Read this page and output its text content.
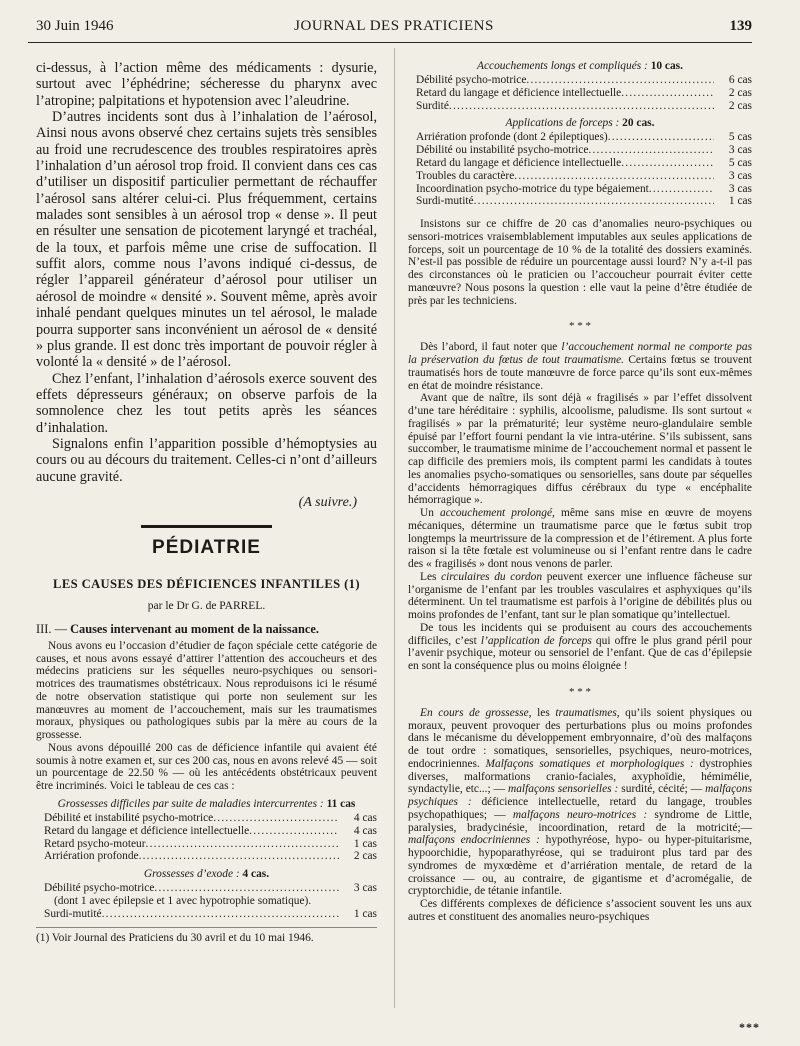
30 Juin 1946	JOURNAL DES PRATICIENS	139

ci-dessus, à l’action même des médicaments : dysurie, surtout avec l’éphédrine; sécheresse du pharynx avec l’atropine; palpitations et hypotension avec l’aleudrine.

D’autres incidents sont dus à l’inhalation de l’aérosol, Ainsi nous avons observé chez certains sujets très sensibles au froid une recrudescence des troubles respiratoires après l’inhalation d’un aérosol trop froid. Il convient dans ces cas d’utiliser un dispositif particulier permettant de réchauffer l’aérosol sans altérer celui-ci. Plus fréquemment, certains malades sont sensibles à un aérosol trop « dense ». Il peut en résulter une sensation de picotement laryngé et trachéal, de la toux, et parfois même une crise de suffocation. Il suffit alors, comme nous l’avons indiqué ci-dessus, de régler l’appareil générateur d’aérosol pour utiliser un aérosol de moindre « densité ». Souvent même, après avoir inhalé pendant quelques minutes un tel aérosol, le malade pourra supporter sans inconvénient un aérosol de « densité » plus grande. Il est donc très important de pouvoir régler à volonté la « densité » de l’aérosol.

Chez l’enfant, l’inhalation d’aérosols exerce souvent des effets dépresseurs généraux; on observe parfois de la somnolence chez les tout petits après les séances d’inhalation.

Signalons enfin l’apparition possible d’hémoptysies au cours ou au décours du traitement. Celles-ci n’ont d’ailleurs aucune gravité.

(A suivre.)
PÉDIATRIE
LES CAUSES DES DÉFICIENCES INFANTILES (1)
par le Dr G. de PARREL.
III. — Causes intervenant au moment de la naissance.

Nous avons eu l’occasion d’étudier de façon spéciale cette catégorie de causes, et nous avons essayé d’attirer l’attention des accoucheurs et des médecins praticiens sur les séquelles neuro-psychiques ou sensori-motrices des traumatismes obstétricaux. Nous reproduisons ici le résumé de notre observation statistique qui porte non seulement sur les manœuvres au moment de l’accouchement, mais sur les traumatismes moraux, physiques ou pathologiques subis par la mère au cours de la grossesse.

Nous avons dépouillé 200 cas de déficience infantile qui avaient été soumis à notre examen et, sur ces 200 cas, nous en avons relevé 45 — soit un pourcentage de 22.50 % — où les antécédents obstétricaux peuvent être incriminés. Voici le tableau de ces cas :

Grossesses difficiles par suite de maladies intercurrentes : 11 cas
Débilité et instabilité psycho-motrice .....	4 cas
Retard du langage et déficience intellectuelle .....	4 cas
Retard psycho-moteur .....	1 cas
Arriération profonde .....	2 cas
Grossesses d’exode : 4 cas.
Débilité psycho-motrice .....	3 cas
(dont 1 avec épilepsie et 1 avec hypotrophie somatique).
Surdi-mutité .....	1 cas
(1) Voir Journal des Praticiens du 30 avril et du 10 mai 1946.
Accouchements longs et compliqués : 10 cas.
Débilité psycho-motrice .....	6 cas
Retard du langage et déficience intellectuelle .....	2 cas
Surdité .....	2 cas
Applications de forceps : 20 cas.
Arriération profonde (dont 2 épileptiques) .....	5 cas
Débilité ou instabilité psycho-motrice .....	3 cas
Retard du langage et déficience intellectuelle .....	5 cas
Troubles du caractère .....	3 cas
Incoordination psycho-motrice du type bégaiement .....	3 cas
Surdi-mutité .....	1 cas

Insistons sur ce chiffre de 20 cas d’anomalies neuro-psychiques ou sensori-motrices vraisemblablement imputables aux seules applications de forceps, soit un pourcentage de 10 % de la totalité des dossiers examinés. N’est-il pas possible de réduire un pourcentage aussi lourd? N’y a-t-il pas des circonstances où le praticien ou l’accoucheur pourrait éviter cette manœuvre? Nous posons la question : elle vaut la peine d’être étudiée de près par les techniciens.

* * *

Dès l’abord, il faut noter que l’accouchement normal ne comporte pas la préservation du fœtus de tout traumatisme. Certains fœtus se trouvent traumatisés hors de toute manœuvre de force parce qu’ils sont eux-mêmes en état de moindre résistance.

Avant que de naître, ils sont déjà « fragilisés » par l’effet dissolvent d’une tare héréditaire : syphilis, alcoolisme, paludisme. Ils sont surtout « fragilisés » par la prématurité; leur système neuro-glandulaire semble épuisé par l’effort fourni pendant la vie intra-utérine. S’ils subissent, sans succomber, le traumatisme minime de l’accouchement normal et passent le cap difficile des premiers mois, ils comptent parmi les candidats à toutes les anomalies psycho-somatiques ou sensorielles, sans doute par séquelles d’accidents hémorragiques diffus cérébraux du type « encéphalite hémorragique ».

Un accouchement prolongé, même sans mise en œuvre de moyens mécaniques, détermine un traumatisme parce que le fœtus subit trop longtemps la meurtrissure de la compression et de l’étirement. A plus forte raison si la tête fœtale est volumineuse ou si l’enfant rentre dans le cadre des « fragilisés » dont nous venons de parler.

Les circulaires du cordon peuvent exercer une influence fâcheuse sur l’organisme de l’enfant par les troubles vasculaires et asphyxiques qu’ils déterminent. Un tel traumatisme est parfois à l’origine de débilités plus ou moins profondes de l’enfant, tant sur le plan somatique qu’intellectuel.

De tous les incidents qui se produisent au cours des accouchements difficiles, c’est l’application de forceps qui offre le plus grand péril pour l’avenir psychique, moteur ou sensoriel de l’enfant. Que de cas d’épilepsie en sont la conséquence plus ou moins éloignée !

* * *

En cours de grossesse, les traumatismes, qu’ils soient physiques ou moraux, peuvent provoquer des perturbations plus ou moins profondes dans le mécanisme du développement embryonnaire, d’où des malfaçons de tout ordre : somatiques, sensorielles, psychiques, neuro-motrices, endocriniennes. Malfaçons somatiques et morphologiques : dystrophies diverses, malformations cranio-faciales, axyphoïdie, hémimélie, syndactylie, etc...; — malfaçons sensorielles : surdité, cécité; — malfaçons psychiques : déficience intellectuelle, retard du langage, troubles psychopathiques; — malfaçons neuro-motrices : syndrome de Little, paralysies, bradycinésie, incoordination, retard de la motricité;— malfaçons endocriniennes : hypothyréose, hypo- ou hyper-pituitarisme, hypoorchidie, hypoparathyréose, qui se traduiront plus tard par des syndromes de myxœdème et d’arriération mentale, de retard de la croissance — ou, au contraire, de gigantisme et d’acromégalie, de cryptorchidie, de tétanie infantile.

Ces différents complexes de déficience s’associent souvent les uns aux autres et constituent des anomalies neuro-psychiques

***
